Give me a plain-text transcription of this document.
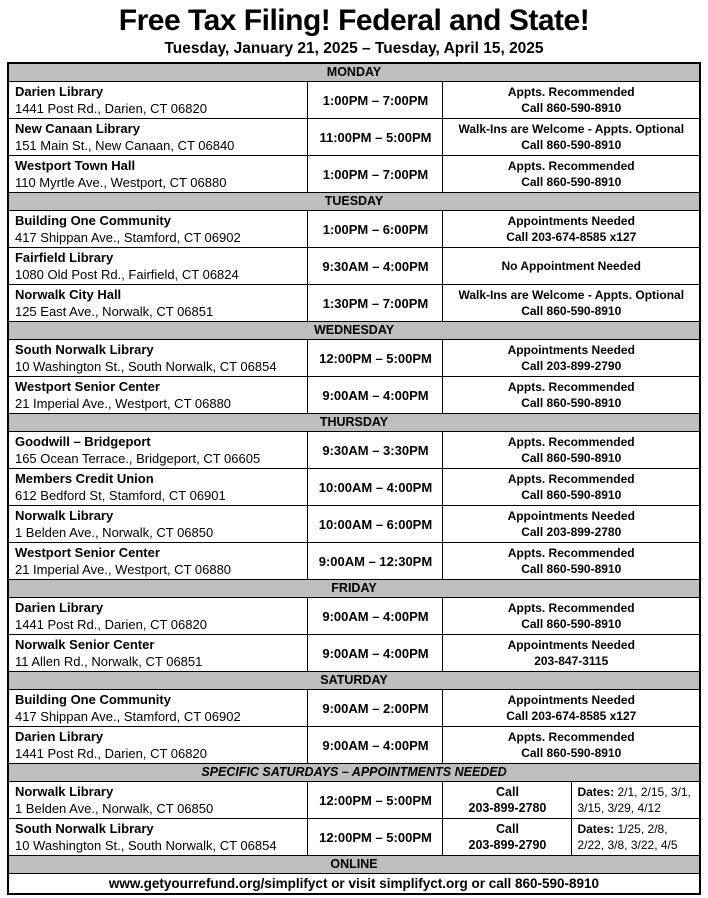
Free Tax Filing! Federal and State!
Tuesday, January 21, 2025 – Tuesday, April 15, 2025
MONDAY			

Darien Library
1441 Post Rd., Darien, CT 06820
	1:00PM – 7:00PM	
Appts. Recommended
Call 860-590-8910

New Canaan Library
151 Main St., New Canaan, CT 06840
	11:00PM – 5:00PM	
Walk-Ins are Welcome - Appts. Optional
Call 860-590-8910

Westport Town Hall
110 Myrtle Ave., Westport, CT 06880
	1:00PM – 7:00PM	
Appts. Recommended
Call 860-590-8910

TUESDAY			

Building One Community
417 Shippan Ave., Stamford, CT 06902
	1:00PM – 6:00PM	
Appointments Needed
Call 203-674-8585 x127

Fairfield Library
1080 Old Post Rd., Fairfield, CT 06824	9:30AM – 4:00PM	No Appointment Needed	

Norwalk City Hall
125 East Ave., Norwalk, CT 06851
	1:30PM – 7:00PM	
Walk-Ins are Welcome - Appts. Optional
Call 860-590-8910

WEDNESDAY			

South Norwalk Library
10 Washington St., South Norwalk, CT 06854
	12:00PM – 5:00PM	
Appointments Needed
Call 203-899-2790

Westport Senior Center
21 Imperial Ave., Westport, CT 06880
	9:00AM – 4:00PM	
Appts. Recommended
Call 860-590-8910

THURSDAY			

Goodwill – Bridgeport
165 Ocean Terrace., Bridgeport, CT 06605
	9:30AM – 3:30PM	
Appts. Recommended
Call 860-590-8910

Members Credit Union
612 Bedford St, Stamford, CT 06901
	10:00AM – 4:00PM	
Appts. Recommended
Call 860-590-8910

Norwalk Library
1 Belden Ave., Norwalk, CT 06850
	10:00AM – 6:00PM	
Appointments Needed
Call 203-899-2780

Westport Senior Center
21 Imperial Ave., Westport, CT 06880
	9:00AM – 12:30PM	
Appts. Recommended
Call 860-590-8910

FRIDAY			

Darien Library
1441 Post Rd., Darien, CT 06820
	9:00AM – 4:00PM	
Appts. Recommended
Call 860-590-8910

Norwalk Senior Center
11 Allen Rd., Norwalk, CT 06851
	9:00AM – 4:00PM	
Appointments Needed
203-847-3115

SATURDAY			

Building One Community
417 Shippan Ave., Stamford, CT 06902
	9:00AM – 2:00PM	
Appointments Needed
Call 203-674-8585 x127

Darien Library
1441 Post Rd., Darien, CT 06820
	9:00AM – 4:00PM	
Appts. Recommended
Call 860-590-8910

SPECIFIC SATURDAYS – APPOINTMENTS NEEDED			

Norwalk Library
1 Belden Ave., Norwalk, CT 06850
	12:00PM – 5:00PM	
Call
203-899-2780
	Dates: 2/1, 2/15, 3/1, 3/15, 3/29, 4/12

South Norwalk Library
10 Washington St., South Norwalk, CT 06854
	12:00PM – 5:00PM	
Call
203-899-2790
	Dates: 1/25, 2/8, 2/22, 3/8, 3/22, 4/5
ONLINE			
www.getyourrefund.org/simplifyct or visit simplifyct.org or call 860-590-8910			
